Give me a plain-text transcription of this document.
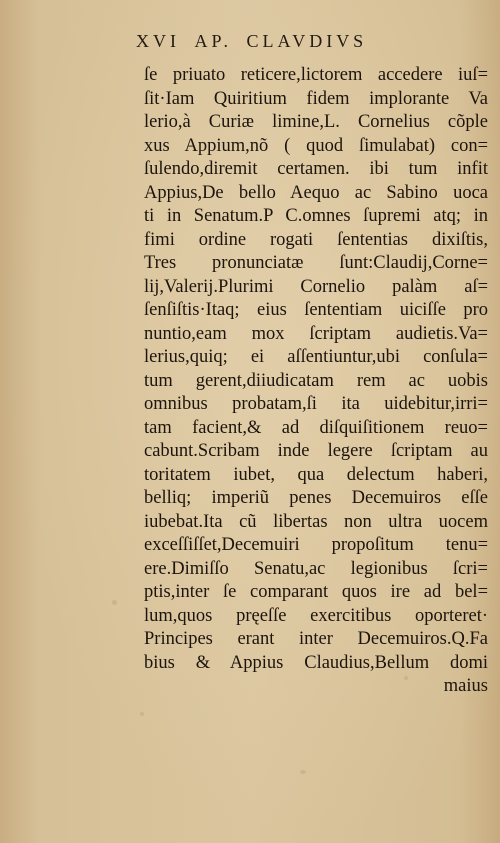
XVI AP. CLAVDIVS
ſe priuato reticere,lictorem accedere iuſ=
ſit·Iam Quiritium fidem implorante Va
lerio,à Curiæ limine,L. Cornelius cõple
xus Appium,nõ ( quod ſimulabat) con=
ſulendo,diremit certamen. ibi tum infit
Appius,De bello Aequo ac Sabino uoca
ti in Senatum.P C.omnes ſupremi atq; in
fimi ordine rogati ſententias dixiſtis,
Tres pronunciatæ ſunt:Claudij,Corne=
lij,Valerij.Plurimi Cornelio palàm aſ=
ſenſiſtis·Itaq; eius ſententiam uiciſſe pro
nuntio,eam mox ſcriptam audietis.Va=
lerius,quiq; ei aſſentiuntur,ubi conſula=
tum gerent,diiudicatam rem ac uobis
omnibus probatam,ſi ita uidebitur,irri=
tam facient,& ad diſquiſitionem reuo=
cabunt.Scribam inde legere ſcriptam au
toritatem iubet, qua delectum haberi,
belliq; imperiũ penes Decemuiros eſſe
iubebat.Ita cũ libertas non ultra uocem
exceſſiſſet,Decemuiri propoſitum tenu=
ere.Dimiſſo Senatu,ac legionibus ſcri=
ptis,inter ſe comparant quos ire ad bel=
lum,quos pręeſſe exercitibus oporteret·
Principes erant inter Decemuiros.Q.Fa
bius & Appius Claudius,Bellum domi
maius
